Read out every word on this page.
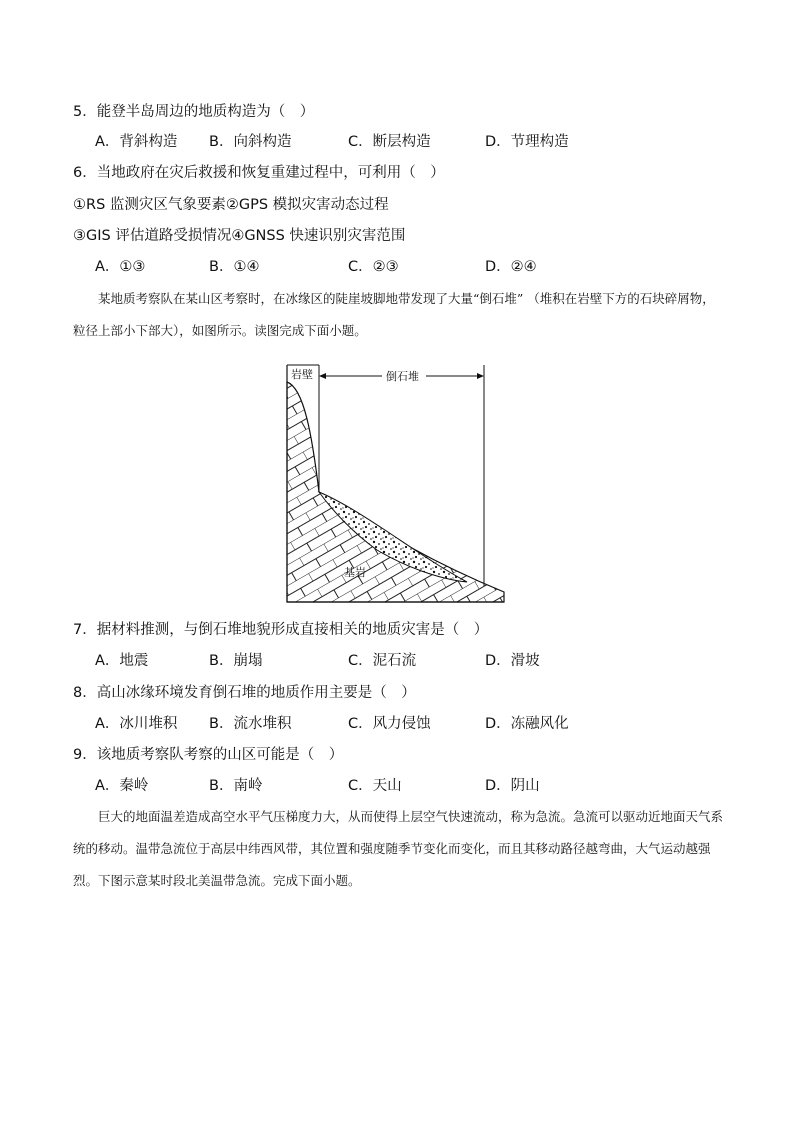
5．能登半岛周边的地质构造为（　）
A．背斜构造 B．向斜构造	C．断层构造	D．节理构造
6．当地政府在灾后救援和恢复重建过程中，可利用（　）
①RS 监测灾区气象要素②GPS 模拟灾害动态过程
③GIS 评估道路受损情况④GNSS 快速识别灾害范围
A．①③	B．①④	C．②③	D．②④
某地质考察队在某山区考察时，在冰缘区的陡崖坡脚地带发现了大量“倒石堆” （堆积在岩壁下方的石块碎屑物，粒径上部小下部大），如图所示。读图完成下面小题。
岩壁	倒石堆
基岩
7．据材料推测，与倒石堆地貌形成直接相关的地质灾害是（　）
A．地震	B．崩塌	C．泥石流	D．滑坡
8．高山冰缘环境发育倒石堆的地质作用主要是（　）
A．冰川堆积 B．流水堆积	C．风力侵蚀	D．冻融风化
9．该地质考察队考察的山区可能是（　）
A．秦岭	B．南岭	C．天山	D．阴山
巨大的地面温差造成高空水平气压梯度力大，从而使得上层空气快速流动，称为急流。急流可以驱动近地面天气系统的移动。温带急流位于高层中纬西风带，其位置和强度随季节变化而变化，而且其移动路径越弯曲，大气运动越强烈。下图示意某时段北美温带急流。完成下面小题。
